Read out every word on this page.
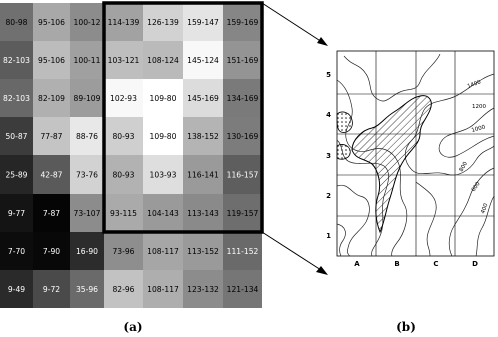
80-98 95-106 100-12 114-139 126-139 159-147 159-169
82-103 95-106 100-11 103-121 108-124 145-124 151-169
82-103 82-109 89-109 102-93 109-80 145-169 134-169
50-87 77-87 88-76 80-93 109-80 138-152 130-169
25-89 42-87 73-76 80-93 103-93 116-141 116-157
9-77 7-87 73-107 93-115 104-143 113-143 119-157
7-70 7-90 16-90 73-96 108-117 113-152 111-152
9-49 9-72 35-96 82-96 108-117 123-132 121-134
(a)
1400
1200
1000
800
600
400
5
4
3
2
1
A	B	C	D
(b)
